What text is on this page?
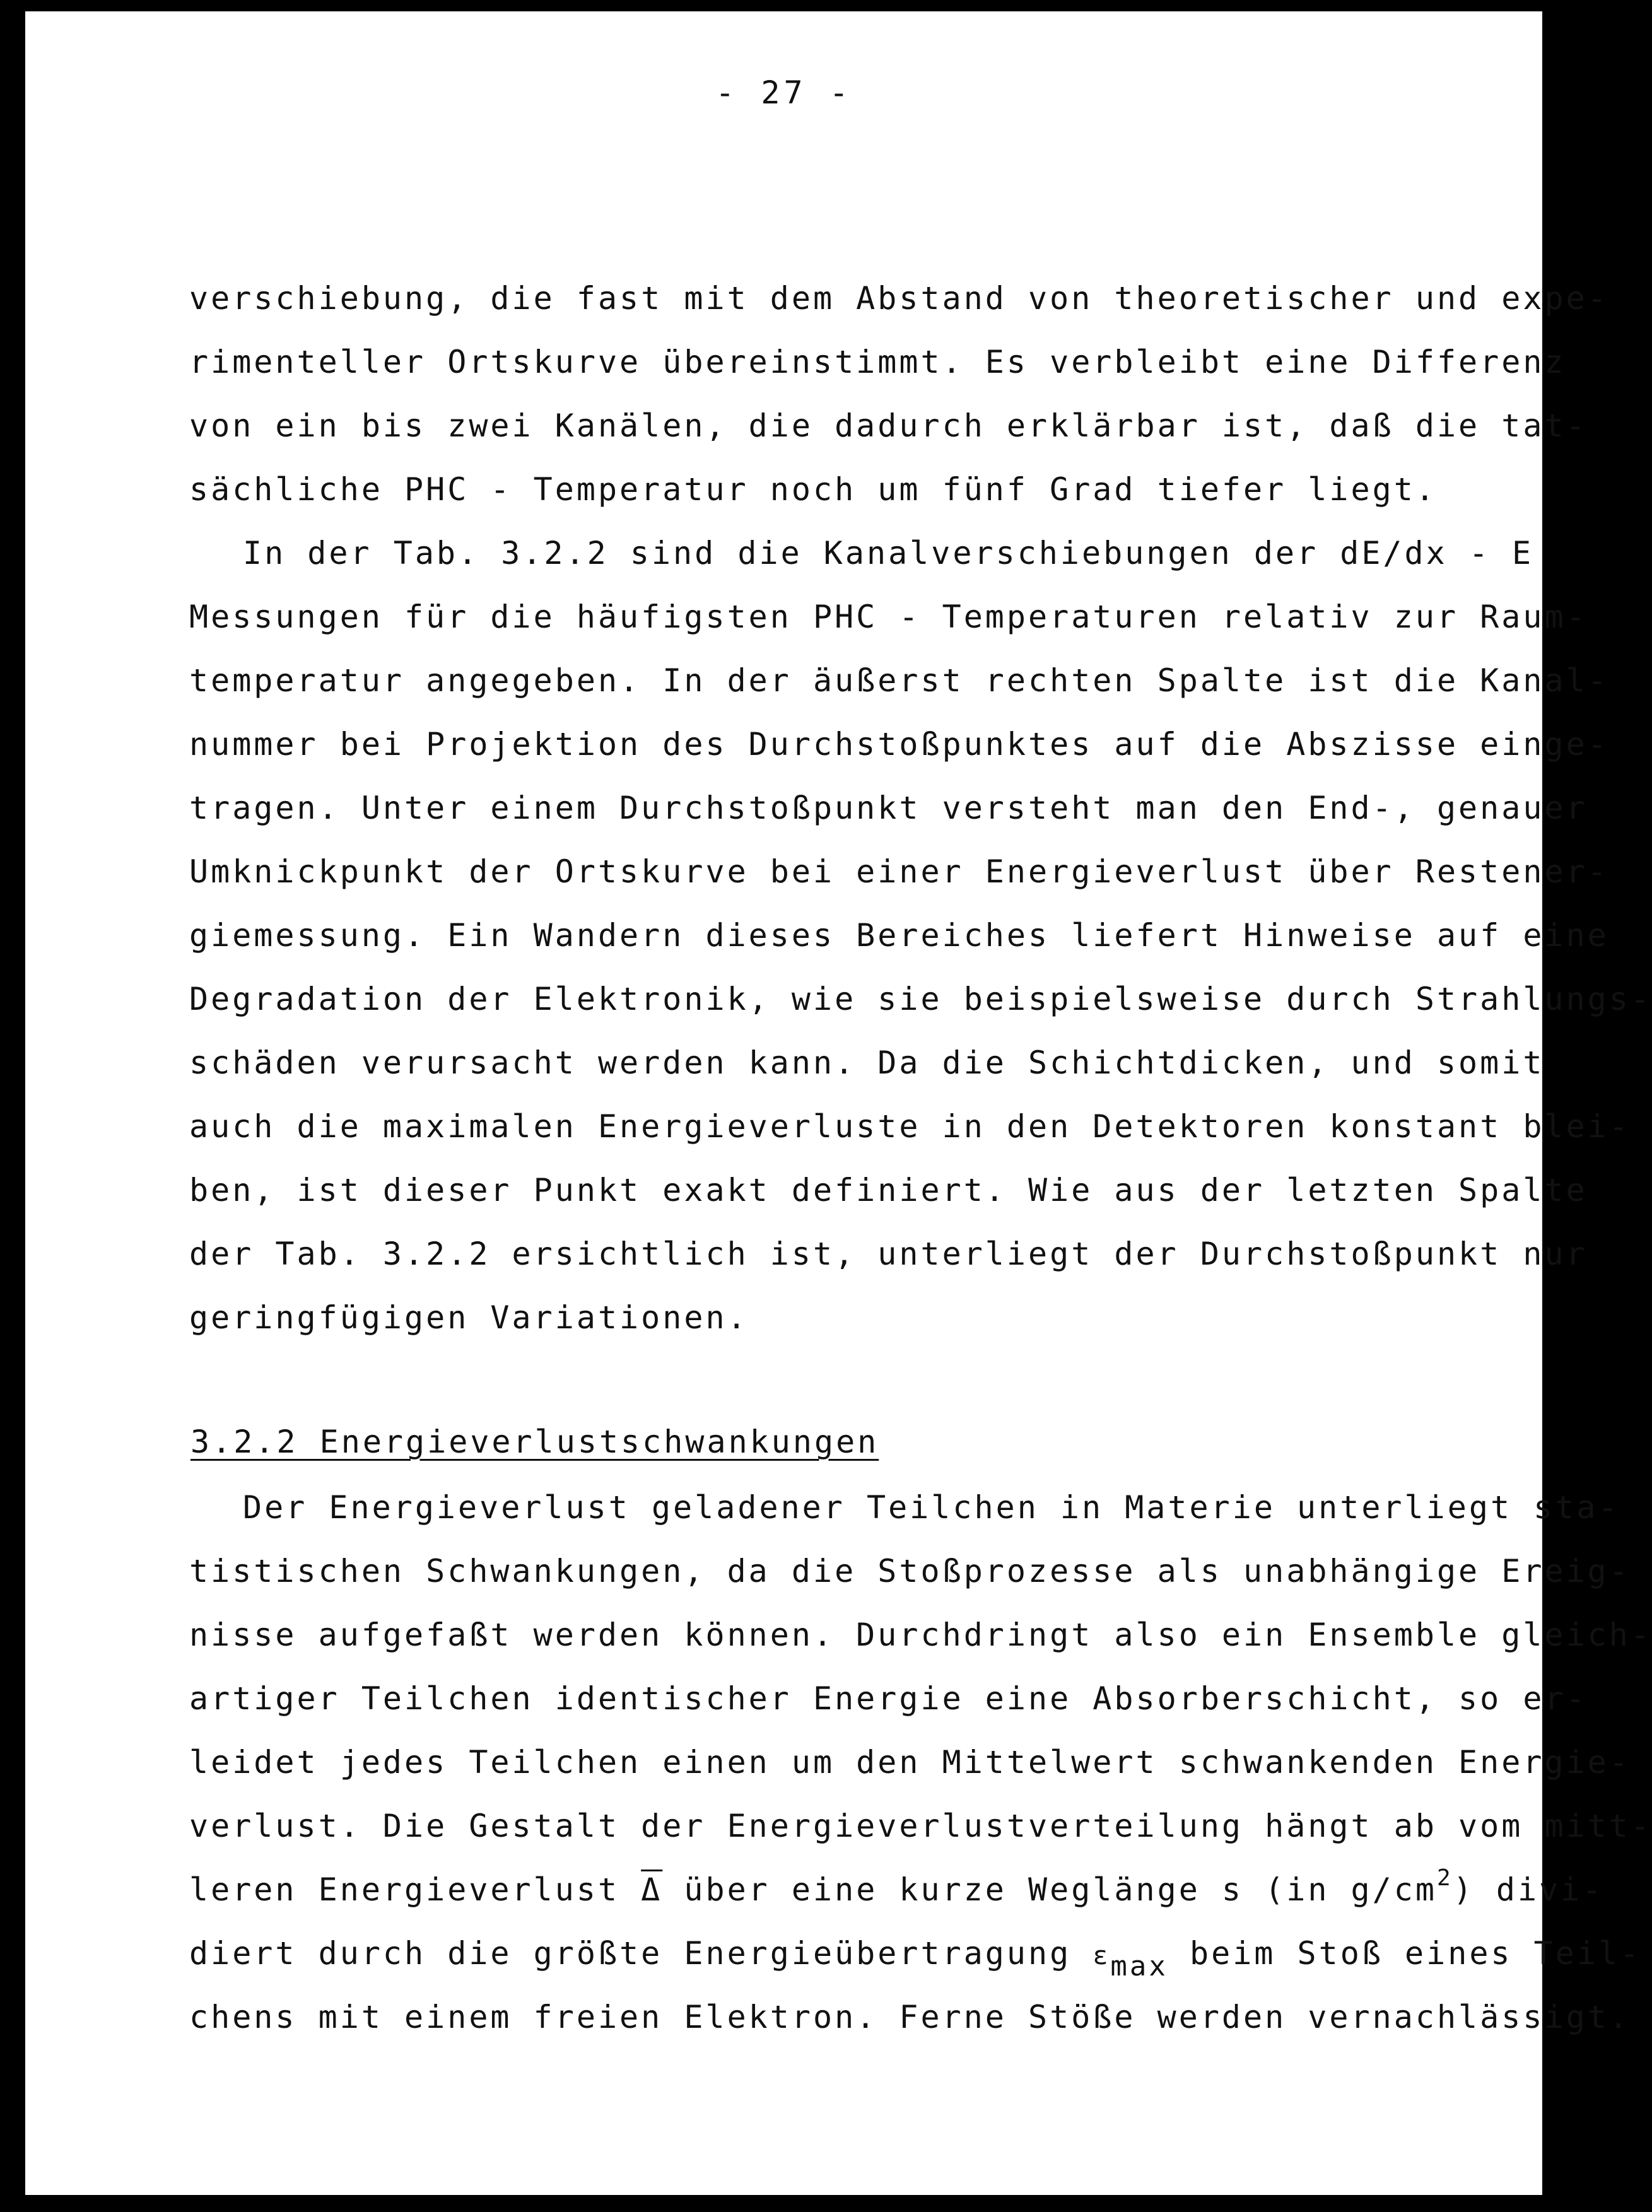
- 27 -
verschiebung, die fast mit dem Abstand von theoretischer und expe-
rimenteller Ortskurve übereinstimmt. Es verbleibt eine Differenz
von ein bis zwei Kanälen, die dadurch erklärbar ist, daß die tat-
sächliche PHC - Temperatur noch um fünf Grad tiefer liegt.
In der Tab. 3.2.2 sind die Kanalverschiebungen der dE/dx - E
Messungen für die häufigsten PHC - Temperaturen relativ zur Raum-
temperatur angegeben. In der äußerst rechten Spalte ist die Kanal-
nummer bei Projektion des Durchstoßpunktes auf die Abszisse einge-
tragen. Unter einem Durchstoßpunkt versteht man den End-, genauer
Umknickpunkt der Ortskurve bei einer Energieverlust über Restener-
giemessung. Ein Wandern dieses Bereiches liefert Hinweise auf eine
Degradation der Elektronik, wie sie beispielsweise durch Strahlungs-
schäden verursacht werden kann. Da die Schichtdicken, und somit
auch die maximalen Energieverluste in den Detektoren konstant blei-
ben, ist dieser Punkt exakt definiert. Wie aus der letzten Spalte
der Tab. 3.2.2 ersichtlich ist, unterliegt der Durchstoßpunkt nur
geringfügigen Variationen.
3.2.2 Energieverlustschwankungen
Der Energieverlust geladener Teilchen in Materie unterliegt sta-
tistischen Schwankungen, da die Stoßprozesse als unabhängige Ereig-
nisse aufgefaßt werden können. Durchdringt also ein Ensemble gleich-
artiger Teilchen identischer Energie eine Absorberschicht, so er-
leidet jedes Teilchen einen um den Mittelwert schwankenden Energie-
verlust. Die Gestalt der Energieverlustverteilung hängt ab vom mitt-
leren Energieverlust $\overline{\Delta}$ über eine kurze Weglänge s (in $g/cm^2$) divi-
diert durch die größte Energieübertragung εmax beim Stoß eines Teil-
chens mit einem freien Elektron. Ferne Stöße werden vernachlässigt.
